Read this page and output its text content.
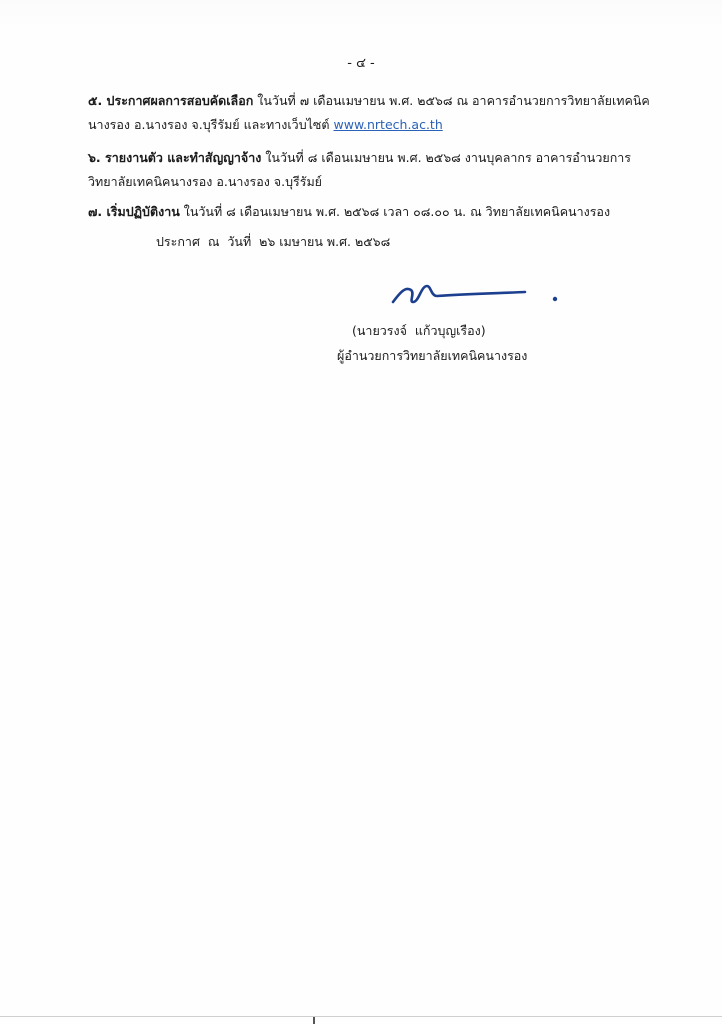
- ๔ -
๕. ประกาศผลการสอบคัดเลือก ในวันที่ ๗ เดือนเมษายน พ.ศ. ๒๕๖๘ ณ อาคารอำนวยการวิทยาลัยเทคนิค
นางรอง อ.นางรอง จ.บุรีรัมย์ และทางเว็บไซต์ www.nrtech.ac.th
๖. รายงานตัว และทำสัญญาจ้าง ในวันที่ ๘ เดือนเมษายน พ.ศ. ๒๕๖๘ งานบุคลากร อาคารอำนวยการ
วิทยาลัยเทคนิคนางรอง อ.นางรอง จ.บุรีรัมย์
๗. เริ่มปฏิบัติงาน ในวันที่ ๘ เดือนเมษายน พ.ศ. ๒๕๖๘ เวลา ๐๘.๐๐ น. ณ วิทยาลัยเทคนิคนางรอง
ประกาศ  ณ  วันที่  ๒๖ เมษายน พ.ศ. ๒๕๖๘
(นายวรงจ์  แก้วบุญเรือง)
ผู้อำนวยการวิทยาลัยเทคนิคนางรอง
